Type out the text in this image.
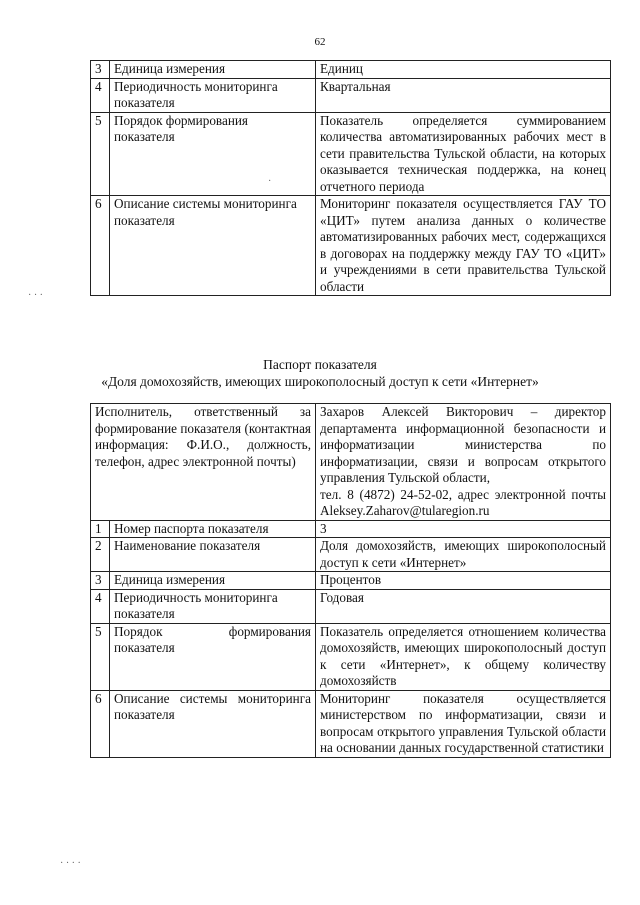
62
3	Единица измерения	Единиц
4	Периодичность мониторинга показателя	Квартальная
5	Порядок формирования показателя	Показатель определяется суммированием количества автоматизированных рабочих мест в сети правительства Тульской области, на которых оказывается техническая поддержка, на конец отчетного периода
6	Описание системы мониторинга показателя	Мониторинг показателя осуществляется ГАУ ТО «ЦИТ» путем анализа данных о количестве автоматизированных рабочих мест, содержащихся в договорах на поддержку между ГАУ ТО «ЦИТ» и учреждениями в сети правительства Тульской области
Паспорт показателя
«Доля домохозяйств, имеющих широкополосный доступ к сети «Интернет»
Исполнитель, ответственный за формирование показателя (контактная информация: Ф.И.О., должность, телефон, адрес электронной почты)		Захаров Алексей Викторович – директор департамента информационной безопасности и информатизации министерства по информатизации, связи и вопросам открытого управления Тульской области,
тел. 8 (4872) 24-52-02, адрес электронной почты Aleksey.Zaharov@tularegion.ru

1	Номер паспорта показателя	3
2	Наименование показателя	Доля домохозяйств, имеющих широкополосный доступ к сети «Интернет»
3	Единица измерения	Процентов
4	Периодичность мониторинга показателя	Годовая
5	Порядок формирования показателя	Показатель определяется отношением количества домохозяйств, имеющих широкополосный доступ к сети «Интернет», к общему количеству домохозяйств
6	Описание системы мониторинга показателя	Мониторинг показателя осуществляется министерством по информатизации, связи и вопросам открытого управления Тульской области на основании данных государственной статистики
· · ·
·
· · · ·
